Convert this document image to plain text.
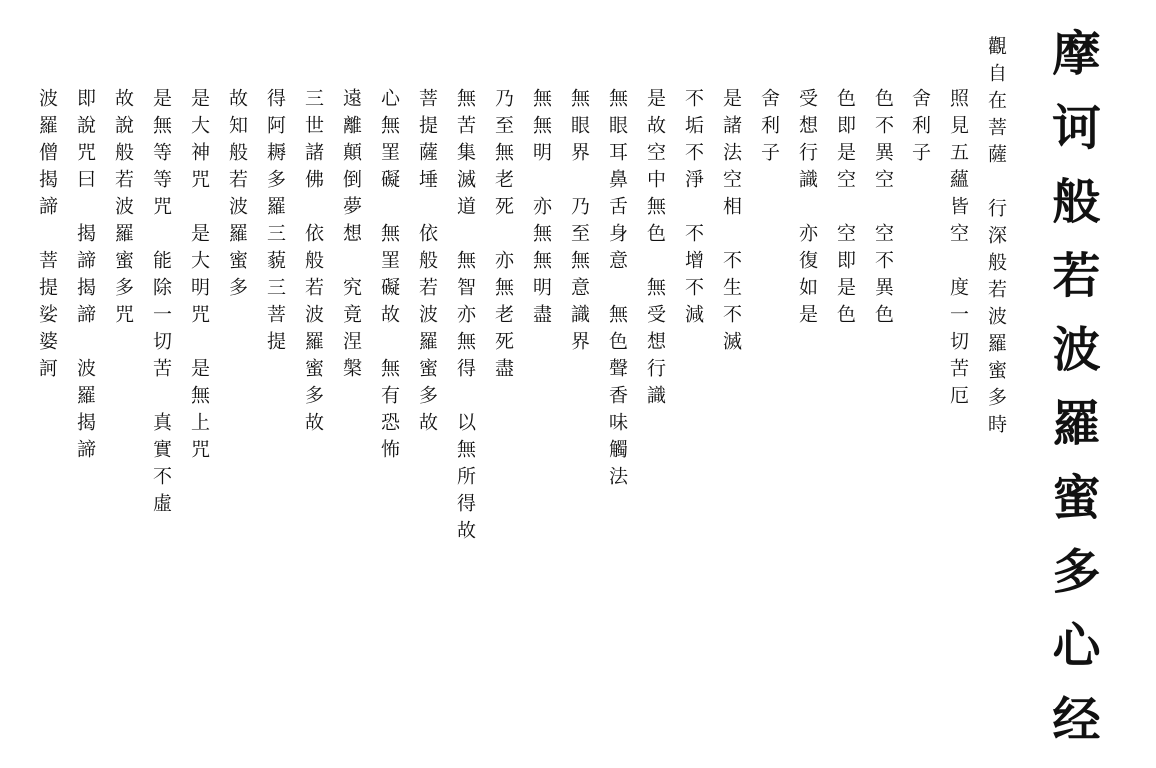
摩诃般若波羅蜜多心经
觀自在菩薩　行深般若波羅蜜多時
照見五蘊皆空　度一切苦厄
舍利子
色不異空　空不異色
色即是空　空即是色
受想行識　亦復如是
舍利子
是諸法空相　不生不滅
不垢不淨　不增不減
是故空中無色　無受想行識
無眼耳鼻舌身意　無色聲香味觸法
無眼界　乃至無意識界
無無明　亦無無明盡
乃至無老死　亦無老死盡
無苦集滅道　無智亦無得　以無所得故
菩提薩埵　依般若波羅蜜多故
心無罣礙　無罣礙故　無有恐怖
遠離顛倒夢想　究竟涅槃
三世諸佛　依般若波羅蜜多故
得阿耨多羅三藐三菩提
故知般若波羅蜜多
是大神咒　是大明咒　是無上咒
是無等等咒　能除一切苦　真實不虛
故說般若波羅蜜多咒
即說咒曰　揭諦揭諦　波羅揭諦
波羅僧揭諦　菩提娑婆訶
